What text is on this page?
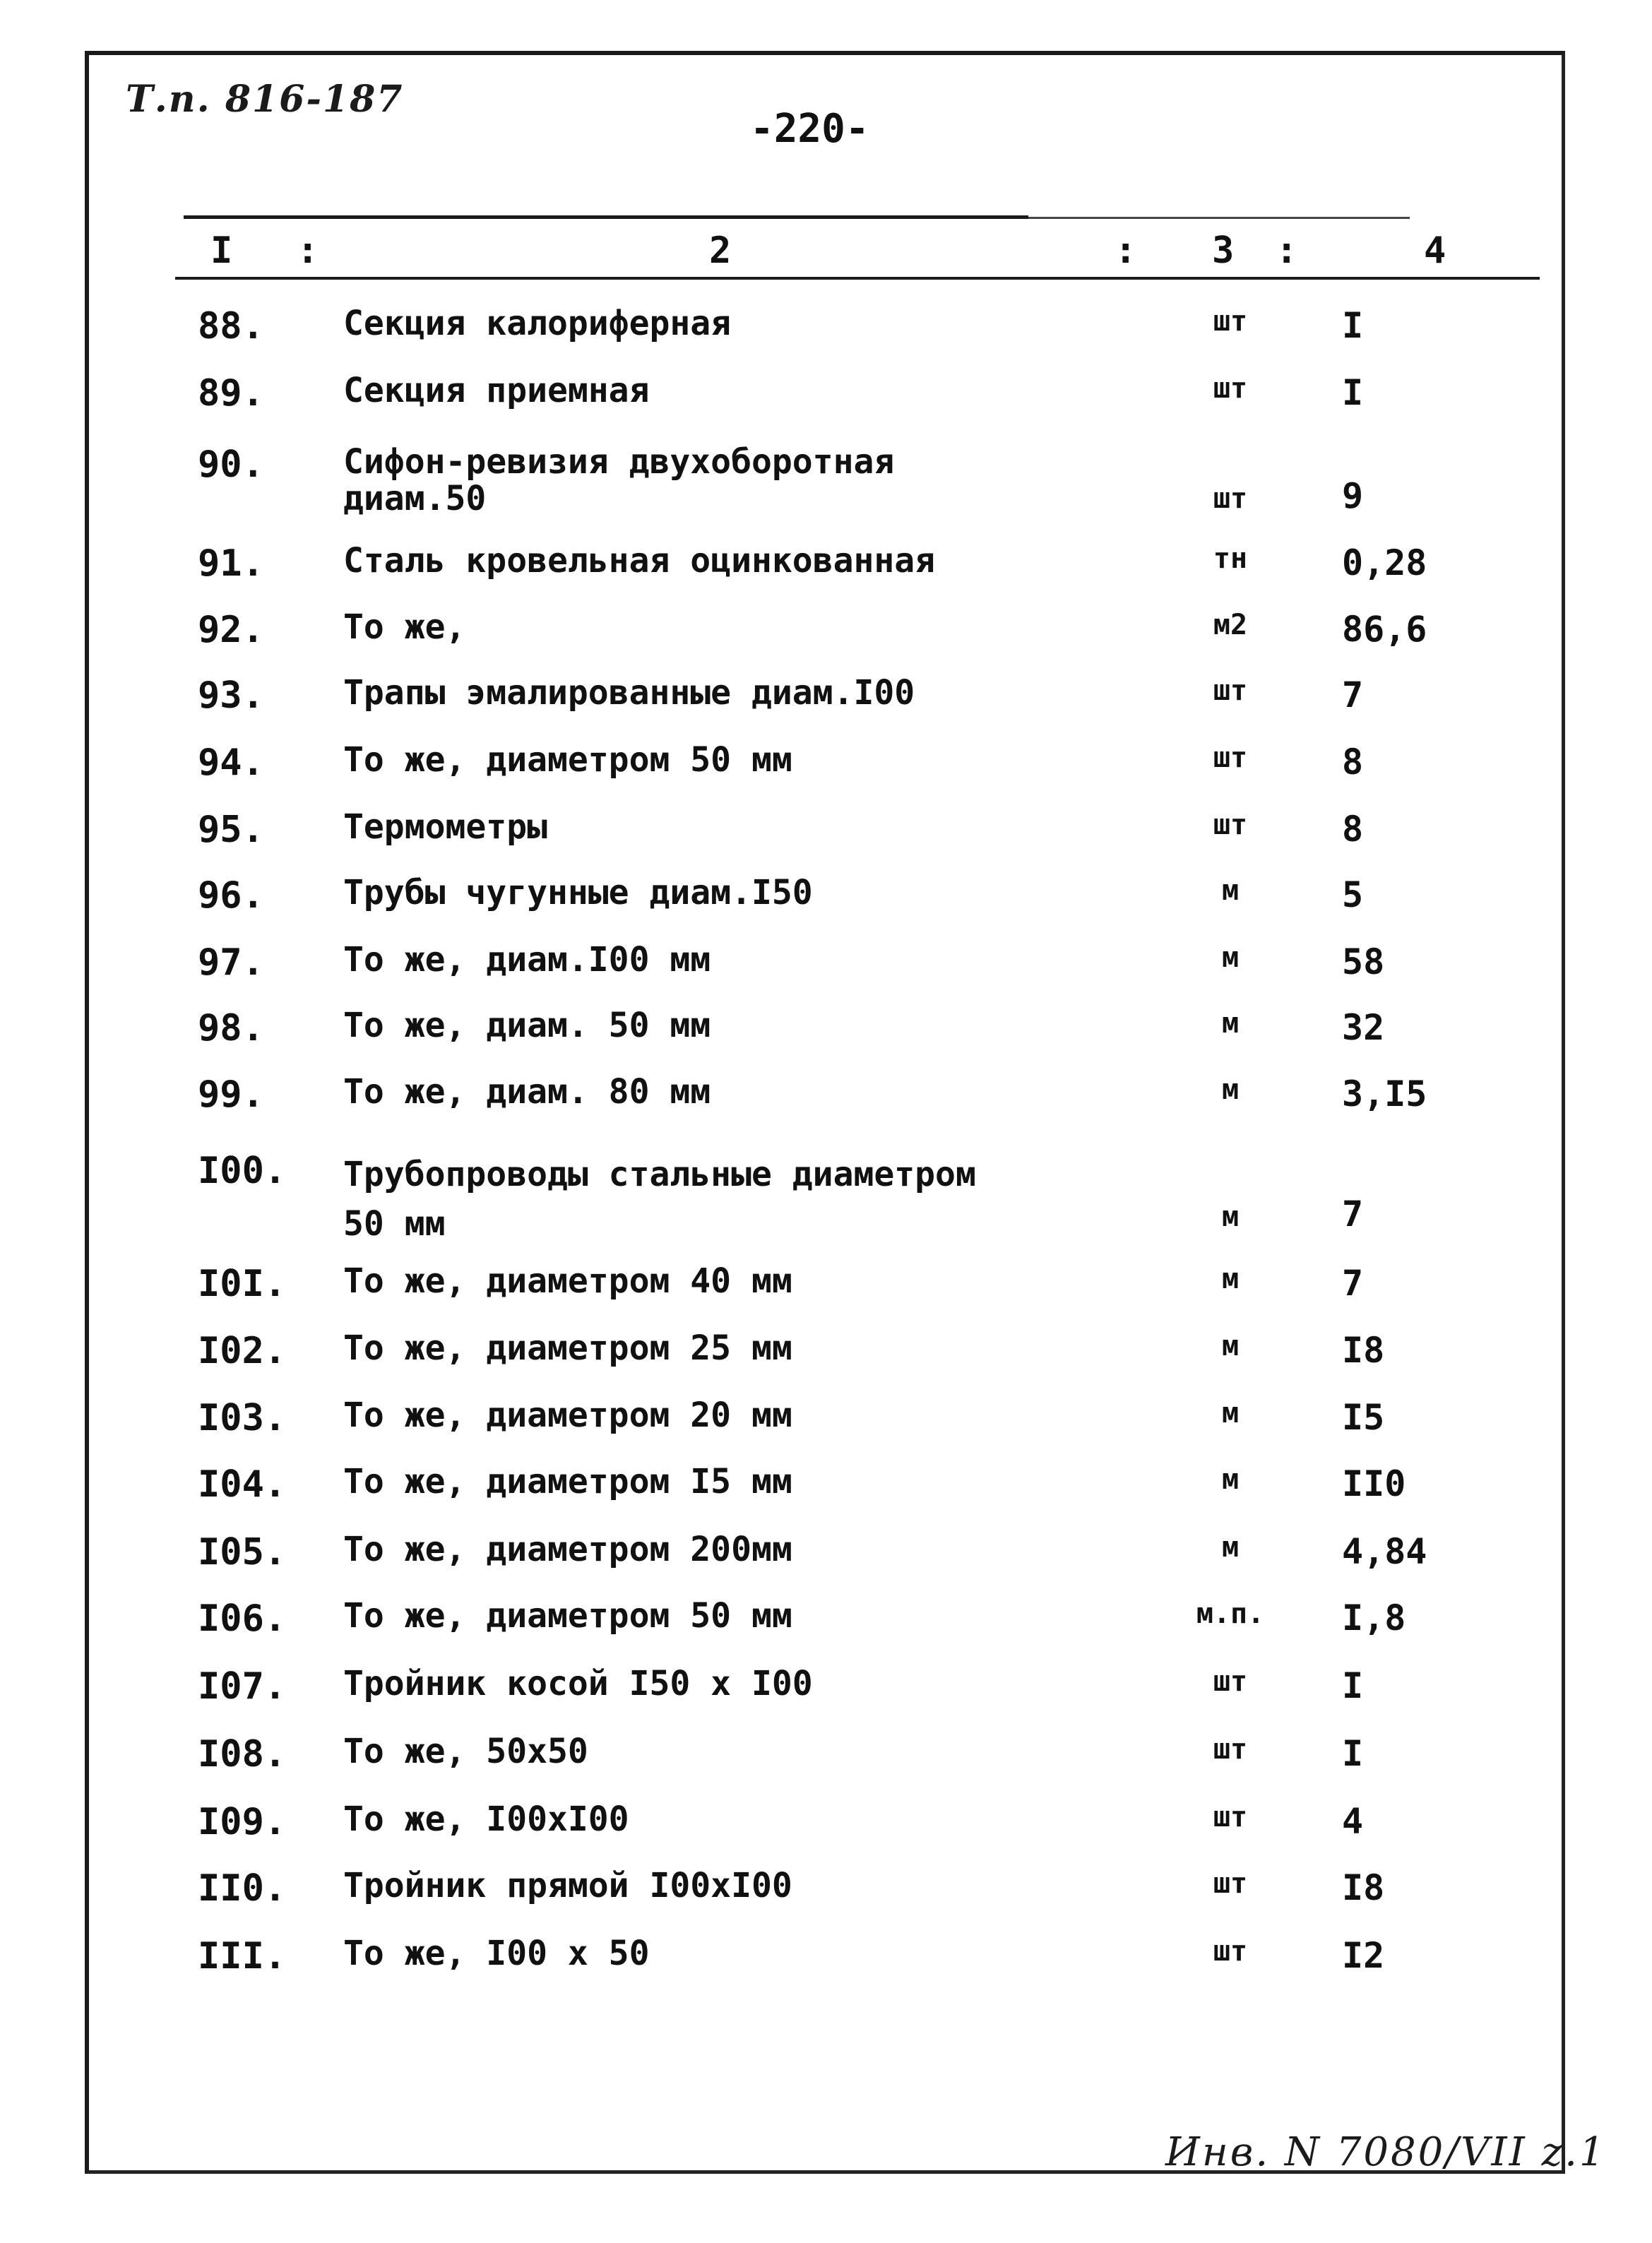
Т.п. 816-187
-220-
I :	2	: 3 :	4
88.	Секция калориферная	шт	I
89.	Секция приемная	шт	I
90.	Сифон-ревизия двухоборотная
диам.50	шт	9
91.	Сталь кровельная оцинкованная	тн	0,28
92.	То же,	м2	86,6
93.	Трапы эмалированные диам.I00	шт	7
94.	То же, диаметром 50 мм	шт	8
95.	Термометры	шт	8
96.	Трубы чугунные диам.I50	м	5
97.	То же, диам.I00 мм	м	58
98.	То же, диам. 50 мм	м	32
99.	То же, диам. 80 мм	м	3,I5
I00.	Трубопроводы стальные диаметром
50 мм	м	7
I0I.	То же, диаметром 40 мм	м	7
I02.	То же, диаметром 25 мм	м	I8
I03.	То же, диаметром 20 мм	м	I5
I04.	То же, диаметром I5 мм	м	II0
I05.	То же, диаметром 200мм	м	4,84
I06.	То же, диаметром 50 мм	м.п.	I,8
I07.	Тройник косой I50 x I00	шт	I
I08.	То же, 50x50	шт	I
I09.	То же, I00xI00	шт	4
II0.	Тройник прямой I00xI00	шт	I8
III.	То же, I00 x 50	шт	I2
Инв. N 7080/VII z.1
